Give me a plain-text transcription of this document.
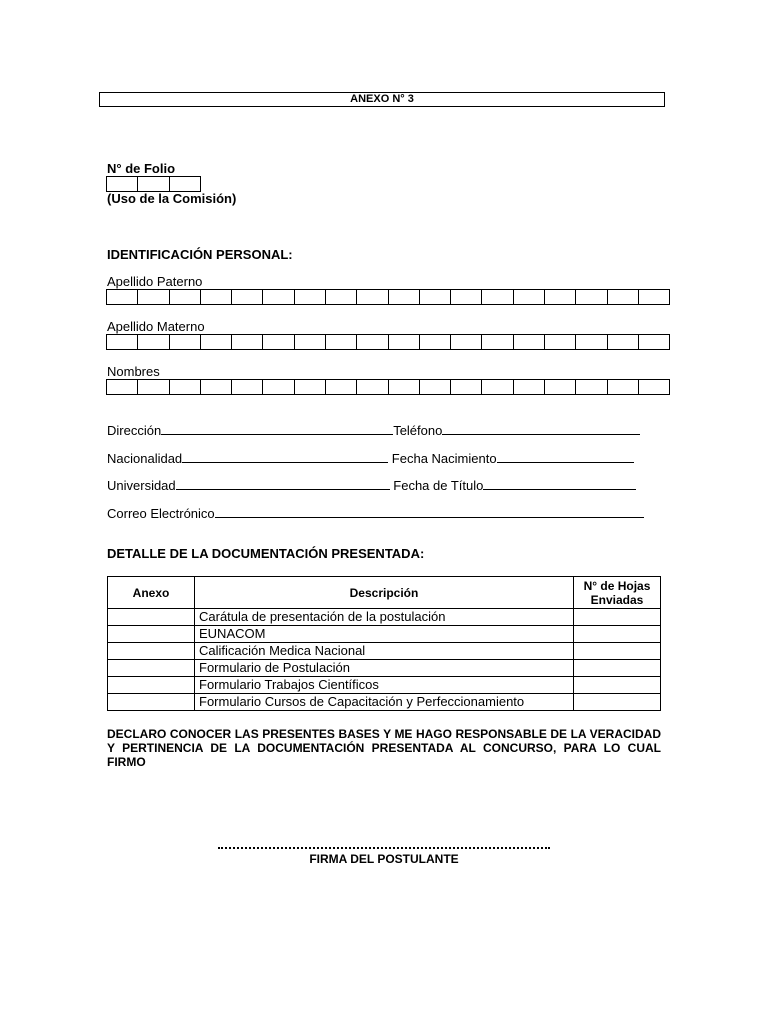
ANEXO N° 3
N° de Folio
(Uso de la Comisión)
IDENTIFICACIÓN PERSONAL:
Apellido Paterno
Apellido Materno
Nombres
Dirección	Teléfono
Nacionalidad	Fecha Nacimiento
Universidad	Fecha de Título
Correo Electrónico
DETALLE DE LA DOCUMENTACIÓN PRESENTADA:
Anexo	Descripción	N° de Hojas Enviadas
	Carátula de presentación de la postulación	
	EUNACOM	
	Calificación Medica Nacional	
	Formulario de Postulación	
	Formulario Trabajos Científicos	
	Formulario Cursos de Capacitación y Perfeccionamiento	
DECLARO CONOCER LAS PRESENTES BASES Y ME HAGO RESPONSABLE DE LA VERACIDAD Y PERTINENCIA DE LA DOCUMENTACIÓN PRESENTADA AL CONCURSO, PARA LO CUAL FIRMO
FIRMA DEL POSTULANTE
